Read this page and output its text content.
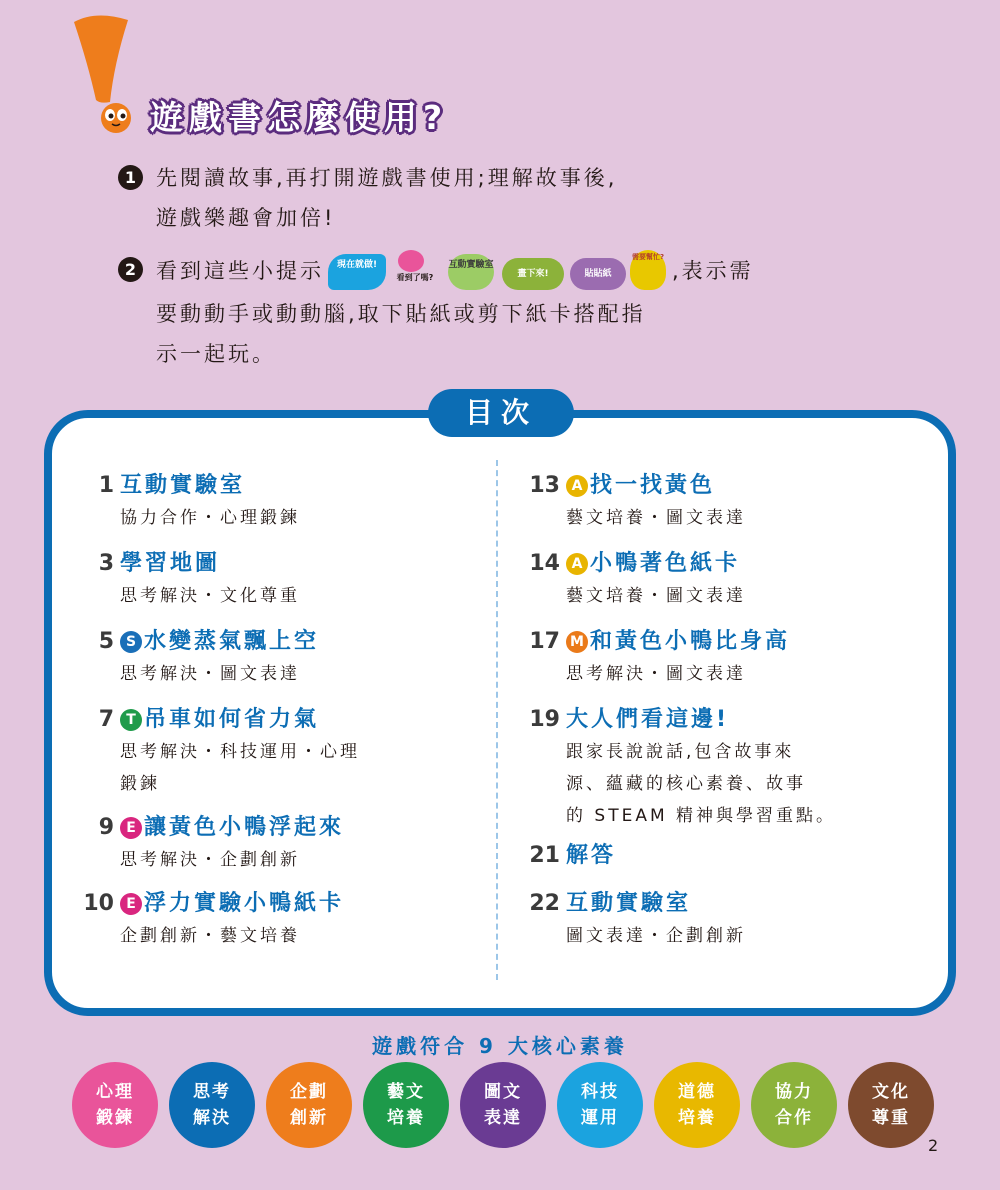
遊戲書怎麼使用?
1 先閱讀故事,再打開遊戲書使用;理解故事後,
遊戲樂趣會加倍!
2 看到這些小提示	現在就做!
看到了嗎?
互動實驗室
畫下來!	貼貼紙
需要幫忙?
,表示需
要動動手或動動腦,取下貼紙或剪下紙卡搭配指
示一起玩。
目次
1 互動實驗室
協力合作・心理鍛鍊
3 學習地圖
思考解決・文化尊重
5 S 水變蒸氣飄上空
思考解決・圖文表達
7 T 吊車如何省力氣
思考解決・科技運用・心理
鍛鍊
9 E 讓黃色小鴨浮起來
思考解決・企劃創新
10 E 浮力實驗小鴨紙卡
企劃創新・藝文培養
13 A 找一找黃色
藝文培養・圖文表達
14 A 小鴨著色紙卡
藝文培養・圖文表達
17 M 和黃色小鴨比身高
思考解決・圖文表達
19 大人們看這邊!
跟家長說說話,包含故事來
源、蘊藏的核心素養、故事
的 STEAM 精神與學習重點。
21 解答
22 互動實驗室
圖文表達・企劃創新
遊戲符合 9 大核心素養
心理
鍛鍊
思考
解決
企劃
創新
藝文
培養
圖文
表達
科技
運用
道德
培養
協力
合作
文化
尊重
2
